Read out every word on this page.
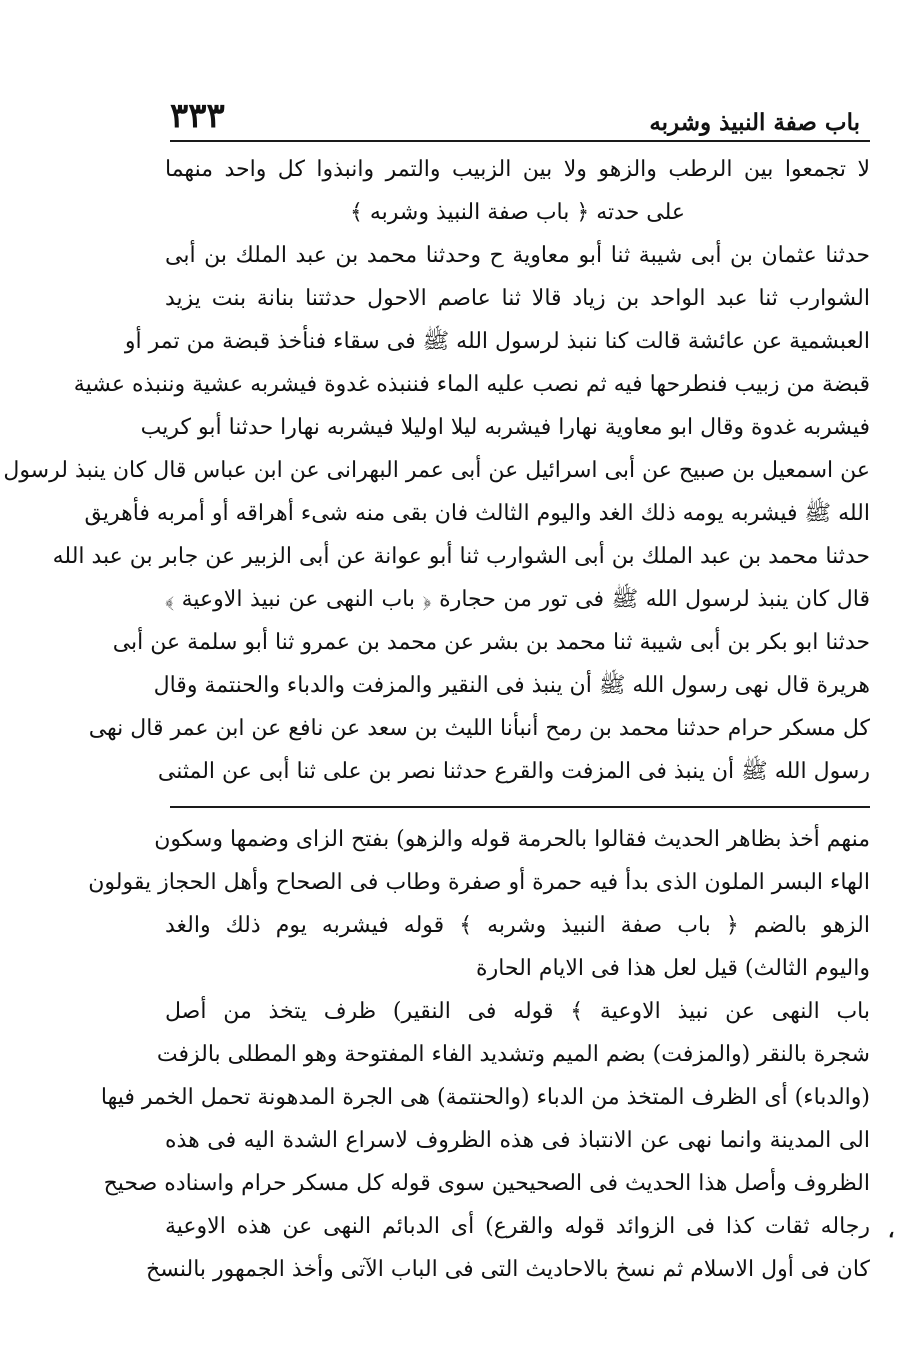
باب صفة النبيذ وشربه
٣٣٣
لا تجمعوا بين الرطب والزهو ولا بين الزبيب والتمر وانبذوا كل واحد منهما
على حدته ﴿ باب صفة النبيذ وشربه ﴾
حدثنا عثمان بن أبى شيبة ثنا أبو معاوية ح وحدثنا محمد بن عبد الملك بن أبى
الشوارب ثنا عبد الواحد بن زياد قالا ثنا عاصم الاحول حدثتنا بنانة بنت يزيد
العبشمية عن عائشة قالت كنا ننبذ لرسول الله ﷺ فى سقاء فنأخذ قبضة من تمر أو
قبضة من زبيب فنطرحها فيه ثم نصب عليه الماء فننبذه غدوة فيشربه عشية وننبذه عشية
فيشربه غدوة وقال ابو معاوية نهارا فيشربه ليلا اوليلا فيشربه نهارا حدثنا أبو كريب
عن اسمعيل بن صبيح عن أبى اسرائيل عن أبى عمر البهرانى عن ابن عباس قال كان ينبذ لرسول
الله ﷺ فيشربه يومه ذلك الغد واليوم الثالث فان بقى منه شىء أهراقه أو أمربه فأهريق
حدثنا محمد بن عبد الملك بن أبى الشوارب ثنا أبو عوانة عن أبى الزبير عن جابر بن عبد الله
قال كان ينبذ لرسول الله ﷺ فى تور من حجارة ﴿ باب النهى عن نبيذ الاوعية ﴾
حدثنا ابو بكر بن أبى شيبة ثنا محمد بن بشر عن محمد بن عمرو ثنا أبو سلمة عن أبى
هريرة قال نهى رسول الله ﷺ أن ينبذ فى النقير والمزفت والدباء والحنتمة وقال
كل مسكر حرام حدثنا محمد بن رمح أنبأنا الليث بن سعد عن نافع عن ابن عمر قال نهى
رسول الله ﷺ أن ينبذ فى المزفت والقرع حدثنا نصر بن على ثنا أبى عن المثنى
منهم أخذ بظاهر الحديث فقالوا بالحرمة قوله والزهو) بفتح الزاى وضمها وسكون
الهاء البسر الملون الذى بدأ فيه حمرة أو صفرة وطاب فى الصحاح وأهل الحجاز يقولون
الزهو بالضم ﴿ باب صفة النبيذ وشربه ﴾ قوله فيشربه يوم ذلك والغد
واليوم الثالث) قيل لعل هذا فى الايام الحارة
باب النهى عن نبيذ الاوعية ﴾ قوله فى النقير) ظرف يتخذ من أصل
شجرة بالنقر (والمزفت) بضم الميم وتشديد الفاء المفتوحة وهو المطلى بالزفت
(والدباء) أى الظرف المتخذ من الدباء (والحنتمة) هى الجرة المدهونة تحمل الخمر فيها
الى المدينة وانما نهى عن الانتباذ فى هذه الظروف لاسراع الشدة اليه فى هذه
الظروف وأصل هذا الحديث فى الصحيحين سوى قوله كل مسكر حرام واسناده صحيح
رجاله ثقات كذا فى الزوائد قوله والقرع) أى الدبائم النهى عن هذه الاوعية
كان فى أول الاسلام ثم نسخ بالاحاديث التى فى الباب الآتى وأخذ الجمهور بالنسخ
،
